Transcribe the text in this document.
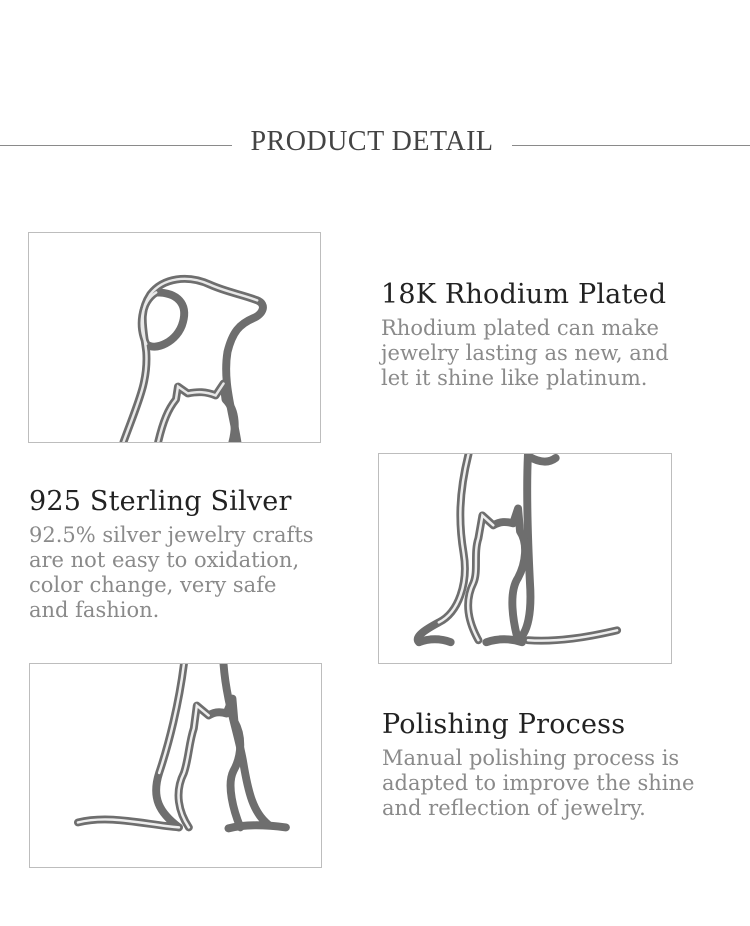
PRODUCT DETAIL
18K Rhodium Plated

Rhodium plated can make
jewelry lasting as new, and
let it shine like platinum.

925 Sterling Silver

92.5% silver jewelry crafts
are not easy to oxidation,
color change, very safe
and fashion.

Polishing Process

Manual polishing process is
adapted to improve the shine
and reflection of jewelry.
